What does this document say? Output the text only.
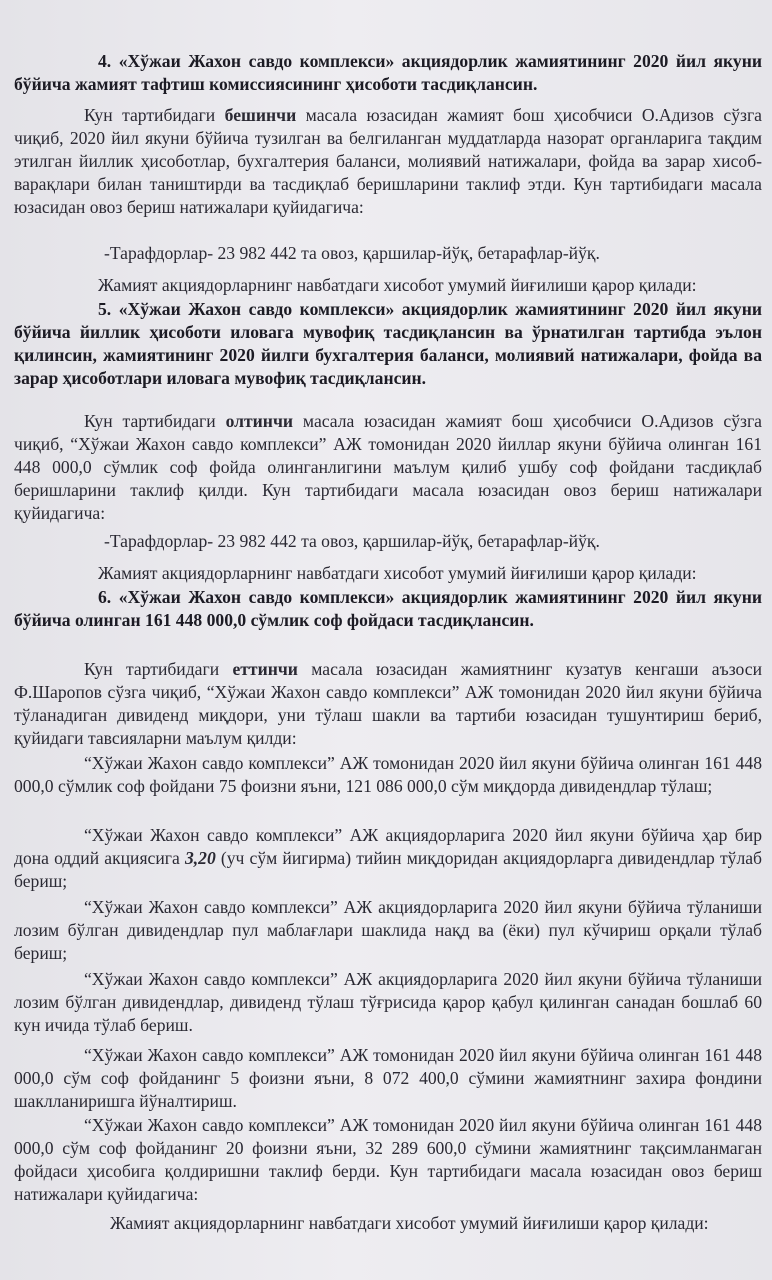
4. «Хўжаи Жахон савдо комплекси» акциядорлик жамиятининг 2020 йил якуни бўйича жамият тафтиш комиссиясининг ҳисоботи тасдиқлансин.

Кун тартибидаги бешинчи масала юзасидан жамият бош ҳисобчиси О.Адизов сўзга чиқиб, 2020 йил якуни бўйича тузилган ва белгиланган муддатларда назорат органларига тақдим этилган йиллик ҳисоботлар, бухгалтерия баланси, молиявий натижалари, фойда ва зарар хисоб-варақлари билан таништирди ва тасдиқлаб беришларини таклиф этди. Кун тартибидаги масала юзасидан овоз бериш натижалари қуйидагича:

-Тарафдорлар- 23 982 442 та овоз, қаршилар-йўқ, бетарафлар-йўқ.

Жамият акциядорларнинг навбатдаги хисобот умумий йиғилиши қарор қилади:

5. «Хўжаи Жахон савдо комплекси» акциядорлик жамиятининг 2020 йил якуни бўйича йиллик ҳисоботи иловага мувофиқ тасдиқлансин ва ўрнатилган тартибда эълон қилинсин, жамиятининг 2020 йилги бухгалтерия баланси, молиявий натижалари, фойда ва зарар ҳисоботлари иловага мувофиқ тасдиқлансин.

Кун тартибидаги олтинчи масала юзасидан жамият бош ҳисобчиси О.Адизов сўзга чиқиб, “Хўжаи Жахон савдо комплекси” АЖ томонидан 2020 йиллар якуни бўйича олинган 161 448 000,0 сўмлик соф фойда олинганлигини маълум қилиб ушбу соф фойдани тасдиқлаб беришларини таклиф қилди. Кун тартибидаги масала юзасидан овоз бериш натижалари қуйидагича:

-Тарафдорлар- 23 982 442 та овоз, қаршилар-йўқ, бетарафлар-йўқ.

Жамият акциядорларнинг навбатдаги хисобот умумий йиғилиши қарор қилади:

6. «Хўжаи Жахон савдо комплекси» акциядорлик жамиятининг 2020 йил якуни бўйича олинган 161 448 000,0 сўмлик соф фойдаси тасдиқлансин.

Кун тартибидаги еттинчи масала юзасидан жамиятнинг кузатув кенгаши аъзоси Ф.Шаропов сўзга чиқиб, “Хўжаи Жахон савдо комплекси” АЖ томонидан 2020 йил якуни бўйича тўланадиган дивиденд миқдори, уни тўлаш шакли ва тартиби юзасидан тушунтириш бериб, қуйидаги тавсияларни маълум қилди:

“Хўжаи Жахон савдо комплекси” АЖ томонидан 2020 йил якуни бўйича олинган 161 448 000,0 сўмлик соф фойдани 75 фоизни яъни, 121 086 000,0 сўм миқдорда дивидендлар тўлаш;

“Хўжаи Жахон савдо комплекси” АЖ акциядорларига 2020 йил якуни бўйича ҳар бир дона оддий акциясига 3,20 (уч сўм йигирма) тийин миқдоридан акциядорларга дивидендлар тўлаб бериш;

“Хўжаи Жахон савдо комплекси” АЖ акциядорларига 2020 йил якуни бўйича тўланиши лозим бўлган дивидендлар пул маблағлари шаклида нақд ва (ёки) пул кўчириш орқали тўлаб бериш;

“Хўжаи Жахон савдо комплекси” АЖ акциядорларига 2020 йил якуни бўйича тўланиши лозим бўлган дивидендлар, дивиденд тўлаш тўғрисида қарор қабул қилинган санадан бошлаб 60 кун ичида тўлаб бериш.

“Хўжаи Жахон савдо комплекси” АЖ томонидан 2020 йил якуни бўйича олинган 161 448 000,0 сўм соф фойданинг 5 фоизни яъни, 8 072 400,0 сўмини жамиятнинг захира фондини шаклланиришга йўналтириш.

“Хўжаи Жахон савдо комплекси” АЖ томонидан 2020 йил якуни бўйича олинган 161 448 000,0 сўм соф фойданинг 20 фоизни яъни, 32 289 600,0 сўмини жамиятнинг тақсимланмаган фойдаси ҳисобига қолдиришни таклиф берди. Кун тартибидаги масала юзасидан овоз бериш натижалари қуйидагича:

Жамият акциядорларнинг навбатдаги хисобот умумий йиғилиши қарор қилади:
